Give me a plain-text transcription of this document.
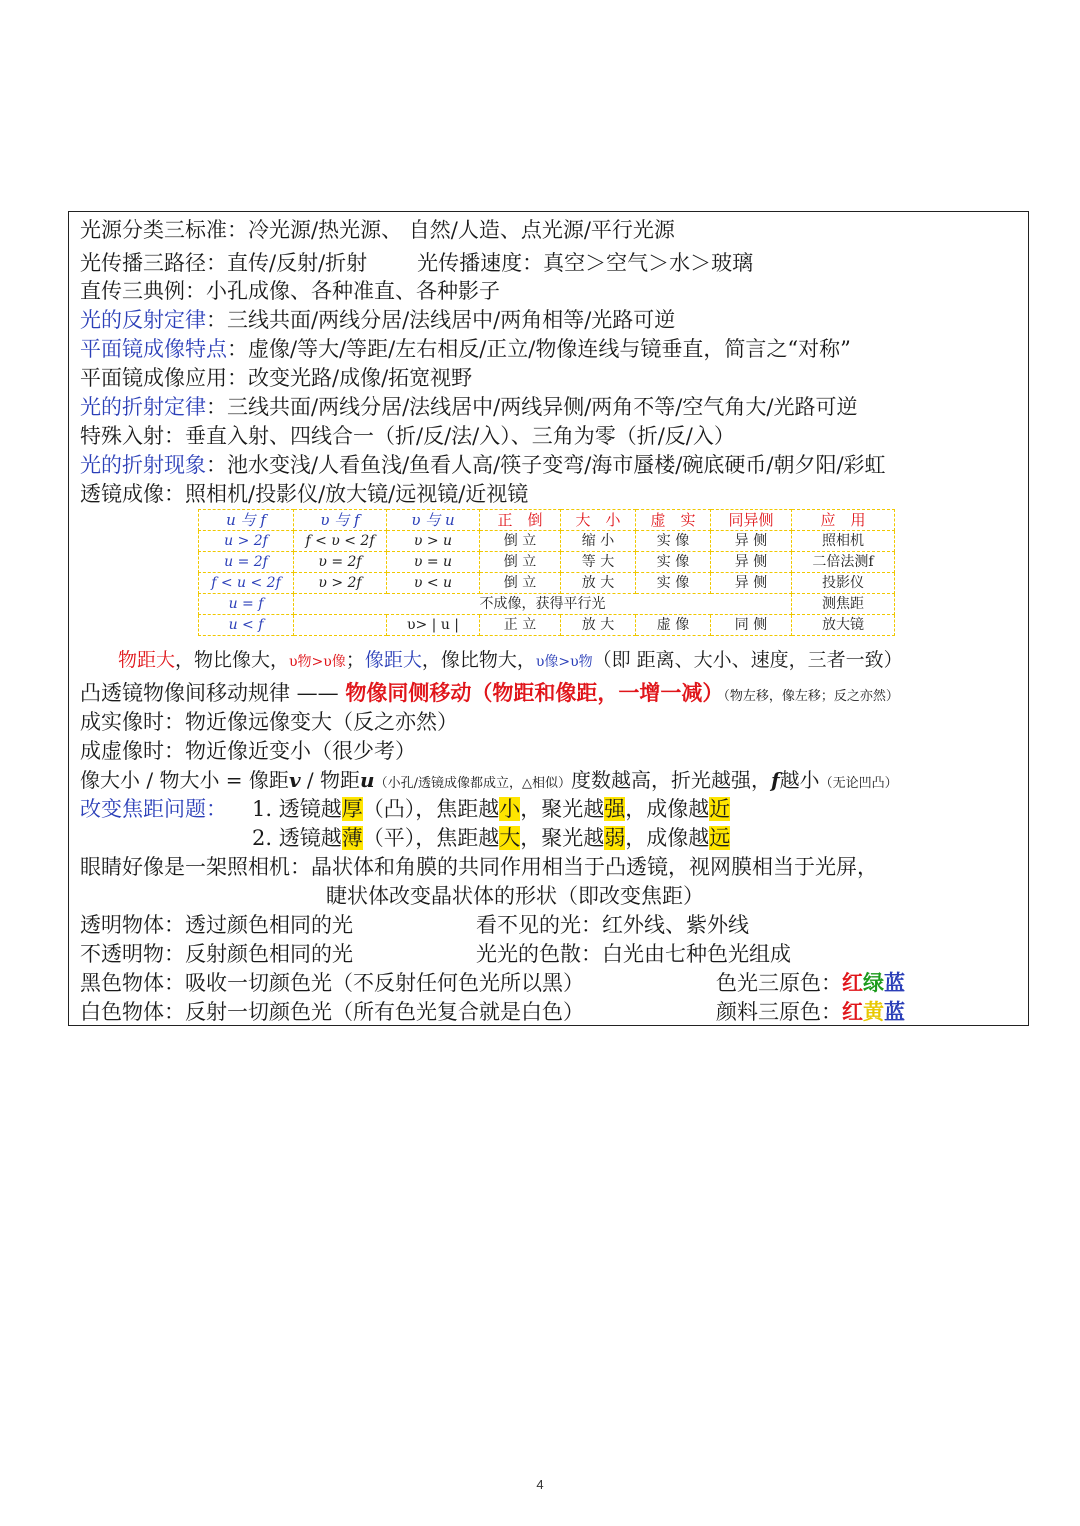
光源分类三标准：冷光源/热光源、 自然/人造、点光源/平行光源
光传播三路径：直传/反射/折射 光传播速度：真空＞空气＞水＞玻璃
直传三典例：小孔成像、各种准直、各种影子
光的反射定律：三线共面/两线分居/法线居中/两角相等/光路可逆
平面镜成像特点：虚像/等大/等距/左右相反/正立/物像连线与镜垂直，简言之“对称”
平面镜成像应用：改变光路/成像/拓宽视野
光的折射定律：三线共面/两线分居/法线居中/两线异侧/两角不等/空气角大/光路可逆
特殊入射：垂直入射、四线合一（折/反/法/入）、三角为零（折/反/入）
光的折射现象：池水变浅/人看鱼浅/鱼看人高/筷子变弯/海市蜃楼/碗底硬币/朝夕阳/彩虹
透镜成像：照相机/投影仪/放大镜/远视镜/近视镜
u 与 f	υ 与 f	υ 与 u	正　倒	大　小	虚　实	同异侧	应　用
u > 2f	f < υ < 2f	υ > u	倒 立	缩 小	实 像	异 侧	照相机
u = 2f	υ = 2f	υ = u	倒 立	等 大	实 像	异 侧	二倍法测f
f < u < 2f	υ > 2f	υ < u	倒 立	放 大	实 像	异 侧	投影仪
u = f	不成像，获得平行光						测焦距
u < f		υ> | u |	正 立	放 大	虚 像	同 侧	放大镜
物距大，物比像大，υ物>υ像；像距大，像比物大，υ像>υ物（即 距离、大小、速度，三者一致）
凸透镜物像间移动规律 —— 物像同侧移动（物距和像距，一增一减）（物左移，像左移；反之亦然）
成实像时：物近像远像变大（反之亦然）
成虚像时：物近像近变小（很少考）
像大小 / 物大小 = 像距v / 物距u（小孔/透镜成像都成立，△相似）度数越高，折光越强，f越小（无论凹凸）
改变焦距问题： 1. 透镜越厚（凸），焦距越小，聚光越强，成像越近
2. 透镜越薄（平），焦距越大，聚光越弱，成像越远
眼睛好像是一架照相机：晶状体和角膜的共同作用相当于凸透镜，视网膜相当于光屏，
睫状体改变晶状体的形状（即改变焦距）
透明物体：透过颜色相同的光	看不见的光：红外线、紫外线
不透明物：反射颜色相同的光	光光的色散：白光由七种色光组成
黑色物体：吸收一切颜色光（不反射任何色光所以黑）	色光三原色：红绿蓝
白色物体：反射一切颜色光（所有色光复合就是白色）	颜料三原色：红黄蓝
4
